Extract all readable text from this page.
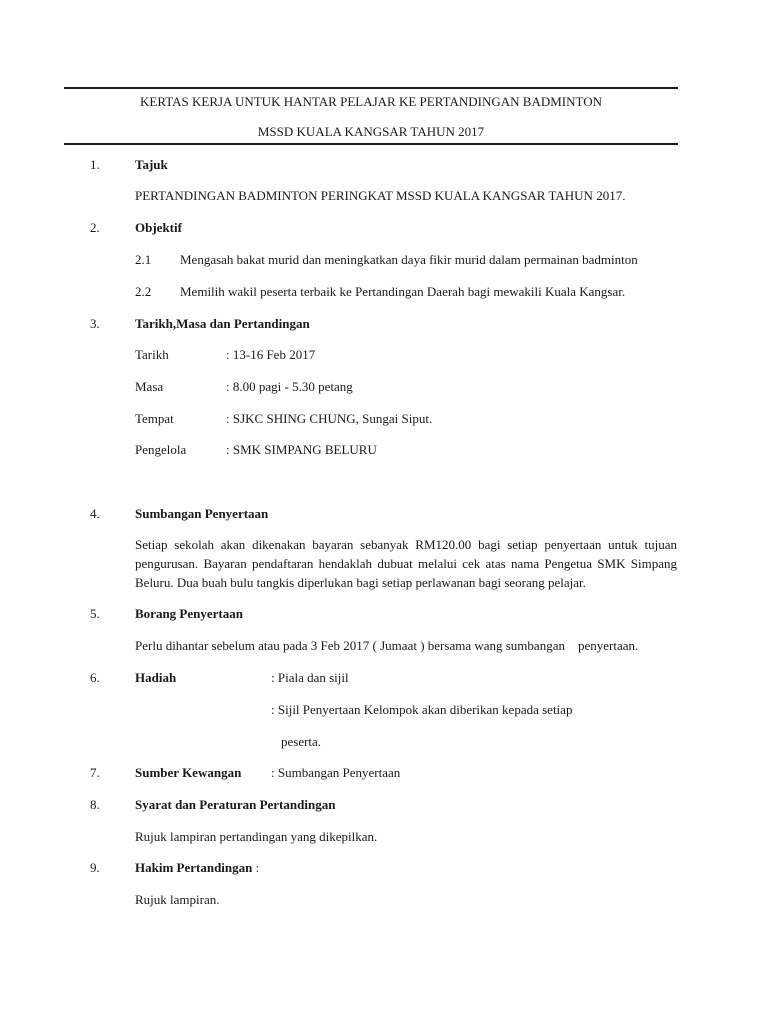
KERTAS KERJA UNTUK HANTAR PELAJAR KE PERTANDINGAN BADMINTON
MSSD KUALA KANGSAR TAHUN 2017
1.	Tajuk
PERTANDINGAN BADMINTON PERINGKAT MSSD KUALA KANGSAR TAHUN 2017.
2.	Objektif
2.1 Mengasah bakat murid dan meningkatkan daya fikir murid dalam permainan badminton
2.2 Memilih wakil peserta terbaik ke Pertandingan Daerah bagi mewakili Kuala Kangsar.
3.	Tarikh,Masa dan Pertandingan
Tarikh	: 13-16 Feb 2017
Masa	: 8.00 pagi - 5.30 petang
Tempat	: SJKC SHING CHUNG, Sungai Siput.
Pengelola	: SMK SIMPANG BELURU
4.	Sumbangan Penyertaan
Setiap sekolah akan dikenakan bayaran sebanyak RM120.00 bagi setiap penyertaan untuk tujuan pengurusan. Bayaran pendaftaran hendaklah dubuat melalui cek atas nama Pengetua SMK Simpang Beluru. Dua buah bulu tangkis diperlukan bagi setiap perlawanan bagi seorang pelajar.
5.	Borang Penyertaan
Perlu dihantar sebelum atau pada 3 Feb 2017 ( Jumaat ) bersama wang sumbangan    penyertaan.
6.	Hadiah	: Piala dan sijil
: Sijil Penyertaan Kelompok akan diberikan kepada setiap
peserta.
7.	Sumber Kewangan : Sumbangan Penyertaan
8.	Syarat dan Peraturan Pertandingan
Rujuk lampiran pertandingan yang dikepilkan.
9.	Hakim Pertandingan :
Rujuk lampiran.
